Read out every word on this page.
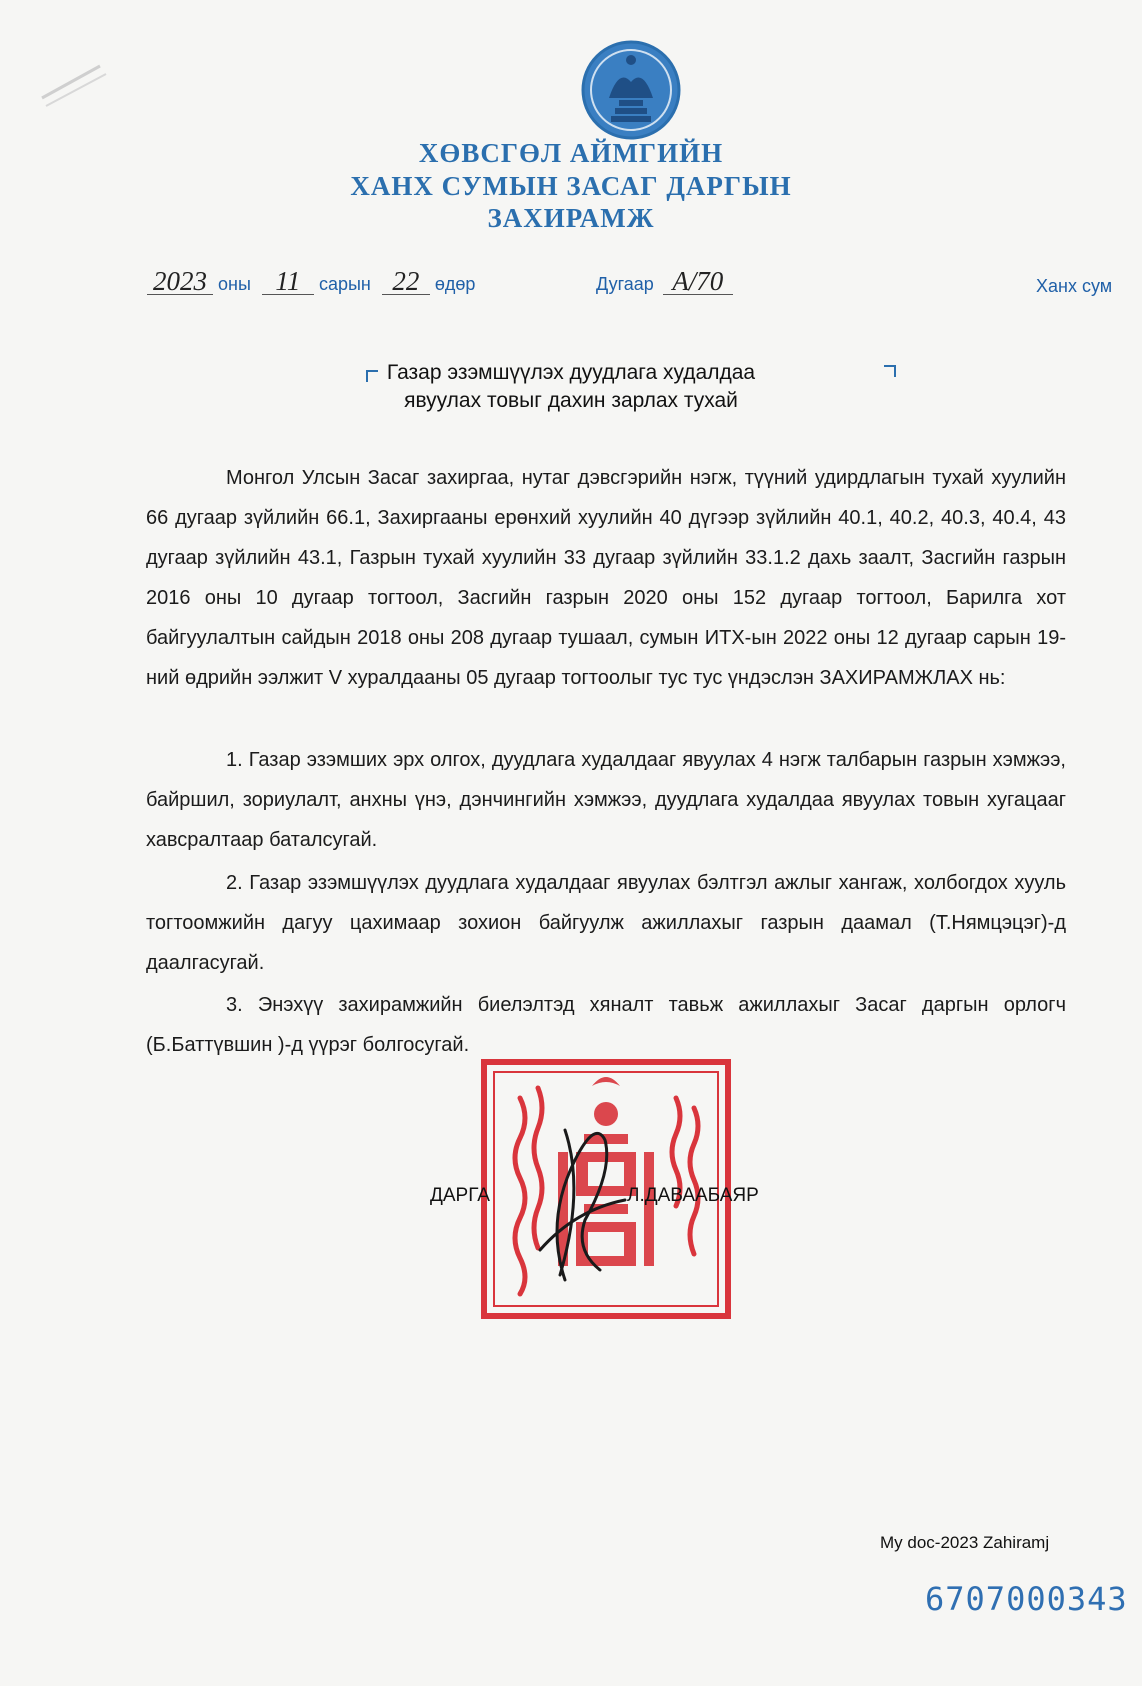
ХӨВСГӨЛ АЙМГИЙН
ХАНХ СУМЫН ЗАСАГ ДАРГЫН
ЗАХИРАМЖ
2023 оны 11 сарын 22 өдөр	Дугаар А/70	Ханх сум
Газар эзэмшүүлэх дуудлага худалдаа
явуулах товыг дахин зарлах тухай
Монгол Улсын Засаг захиргаа, нутаг дэвсгэрийн нэгж, түүний удирдлагын тухай хуулийн 66 дугаар зүйлийн 66.1, Захиргааны ерөнхий хуулийн 40 дүгээр зүйлийн 40.1, 40.2, 40.3, 40.4, 43 дугаар зүйлийн 43.1, Газрын тухай хуулийн 33 дугаар зүйлийн 33.1.2 дахь заалт, Засгийн газрын 2016 оны 10 дугаар тогтоол, Засгийн газрын 2020 оны 152 дугаар тогтоол, Барилга хот байгуулалтын сайдын 2018 оны 208 дугаар тушаал, сумын ИТХ-ын 2022 оны 12 дугаар сарын 19-ний өдрийн ээлжит V хуралдааны 05 дугаар тогтоолыг тус тус үндэслэн ЗАХИРАМЖЛАХ нь:
1. Газар эзэмших эрх олгох, дуудлага худалдааг явуулах 4 нэгж талбарын газрын хэмжээ, байршил, зориулалт, анхны үнэ, дэнчингийн хэмжээ, дуудлага худалдаа явуулах товын хугацааг хавсралтаар баталсугай.
2. Газар эзэмшүүлэх дуудлага худалдааг явуулах бэлтгэл ажлыг хангаж, холбогдох хууль тогтоомжийн дагуу цахимаар зохион байгуулж ажиллахыг газрын даамал (Т.Нямцэцэг)-д даалгасугай.
3. Энэхүү захирамжийн биелэлтэд хяналт тавьж ажиллахыг Засаг даргын орлогч (Б.Баттүвшин )-д үүрэг болгосугай.
ДАРГА	Л.ДАВААБАЯР
My doc-2023 Zahiramj
6707000343
